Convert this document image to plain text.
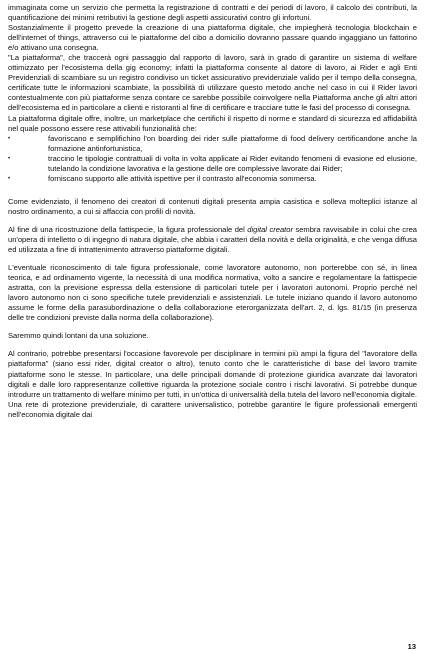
immaginata come un servizio che permetta la registrazione di contratti e dei periodi di lavoro, il calcolo dei contributi, la quantificazione dei minimi retributivi la gestione degli aspetti assicurativi contro gli infortuni.

Sostanzialmente il progetto prevede la creazione di una piattaforma digitale, che impiegherà tecnologia blockchain e dell'internet of things, attraverso cui le piattaforme del cibo a domicilio dovranno passare quando ingaggiano un fattorino e/o attivano una consegna.

"La piattaforma", che traccerà ogni passaggio dal rapporto di lavoro, sarà in grado di garantire un sistema di welfare ottimizzato per l'ecosistema della gig economy; infatti la piattaforma consente al datore di lavoro, ai Rider e agli Enti Previdenziali di scambiare su un registro condiviso un ticket assicurativo previdenziale valido per il tempo della consegna, certificate tutte le informazioni scambiate, la possibilità di utilizzare questo metodo anche nel caso in cui il Rider lavori contestualmente con più piattaforme senza contare ce sarebbe possibile coinvolgere nella Piattaforma anche gli altri attori dell'ecosistema ed in particolare a clienti e ristoranti al fine di certificare e tracciare tutte le fasi del processo di consegna.

La piattaforma digitale offre, inoltre, un marketplace che certifichi il rispetto di norme e standard di sicurezza ed affidabilità nel quale possono essere rese attivabili funzionalità che:

•	favoriscano e semplifichino l'on boarding dei rider sulle piattaforme di food delivery certificandone anche la formazione antinfortunistica,
•	traccino le tipologie contrattuali di volta in volta applicate ai Rider evitando fenomeni di evasione ed elusione, tutelando la condizione lavorativa e la gestione delle ore complessive lavorate dai Rider;
•	forniscano supporto alle attività ispettive per il contrasto all'economia sommersa.

Come evidenziato, il fenomeno dei creatori di contenuti digitali presenta ampia casistica e solleva molteplici istanze al nostro ordinamento, a cui si affaccia con profili di novità.

Al fine di una ricostruzione della fattispecie, la figura professionale del digital creator sembra ravvisabile in colui che crea un'opera di intelletto o di ingegno di natura digitale, che abbia i caratteri della novità e della originalità, e che venga diffusa ed utilizzata a fine di intrattenimento attraverso piattaforme digitali.

L'eventuale riconoscimento di tale figura professionale, come lavoratore autonomo, non porterebbe con sé, in linea teorica, e ad ordinamento vigente, la necessità di una modifica normativa, volto a sancire e regolamentare la fattispecie astratta, con la previsione espressa della estensione di particolari tutele per i lavoratori autonomi. Proprio perché nel lavoro autonomo non ci sono specifiche tutele previdenziali e assistenziali. Le tutele iniziano quando il lavoro autonomo assume le forme della parasubordinazione o della collaborazione eterorganizzata dell'art. 2, d. lgs. 81/15 (in presenza delle tre condizioni previste dalla norma della collaborazione).

Saremmo quindi lontani da una soluzione.

Al contrario, potrebbe presentarsi l'occasione favorevole per disciplinare in termini più ampi la figura del "lavoratore della piattaforma" (siano essi rider, digital creator o altro), tenuto conto che le caratteristiche di base del lavoro tramite piattaforme sono le stesse. In particolare, una delle principali domande di protezione giuridica avanzate dai lavoratori digitali e dalle loro rappresentanze collettive riguarda la protezione sociale contro i rischi lavorativi. Si potrebbe dunque introdurre un trattamento di welfare minimo per tutti, in un'ottica di universalità della tutela del lavoro nell'economia digitale. Una rete di protezione previdenziale, di carattere universalistico, potrebbe garantire le figure professionali emergenti nell'economia digitale dai

13
